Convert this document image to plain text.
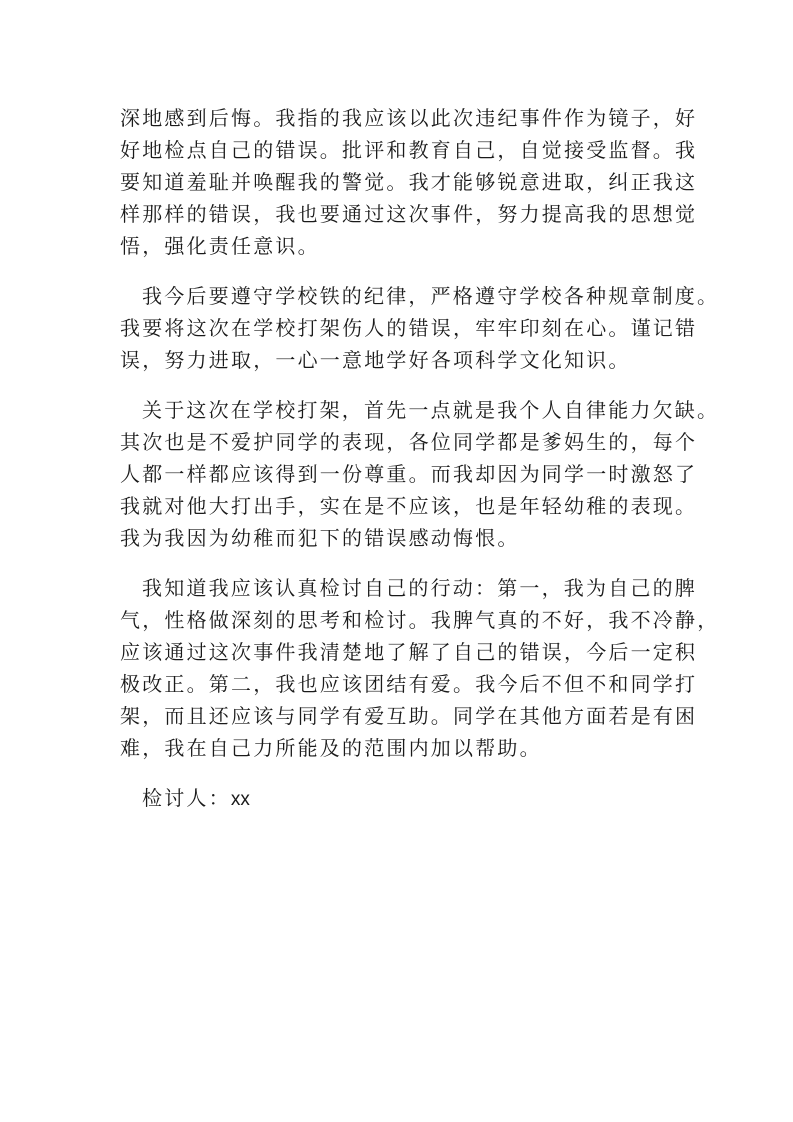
深地感到后悔。我指的我应该以此次违纪事件作为镜子，好
好地检点自己的错误。批评和教育自己，自觉接受监督。我
要知道羞耻并唤醒我的警觉。我才能够锐意进取，纠正我这
样那样的错误，我也要通过这次事件，努力提高我的思想觉
悟，强化责任意识。
我今后要遵守学校铁的纪律，严格遵守学校各种规章制度。
我要将这次在学校打架伤人的错误，牢牢印刻在心。谨记错
误，努力进取，一心一意地学好各项科学文化知识。
关于这次在学校打架，首先一点就是我个人自律能力欠缺。
其次也是不爱护同学的表现，各位同学都是爹妈生的，每个
人都一样都应该得到一份尊重。而我却因为同学一时激怒了
我就对他大打出手，实在是不应该，也是年轻幼稚的表现。
我为我因为幼稚而犯下的错误感动悔恨。
我知道我应该认真检讨自己的行动：第一，我为自己的脾
气，性格做深刻的思考和检讨。我脾气真的不好，我不冷静，
应该通过这次事件我清楚地了解了自己的错误，今后一定积
极改正。第二，我也应该团结有爱。我今后不但不和同学打
架，而且还应该与同学有爱互助。同学在其他方面若是有困
难，我在自己力所能及的范围内加以帮助。
检讨人：xx
